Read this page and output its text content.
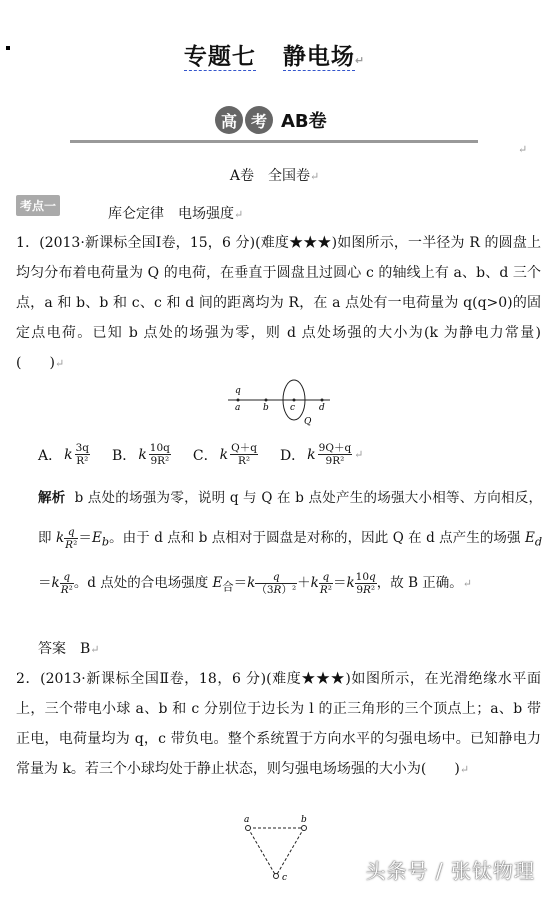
专题七 静电场↵
高 考 AB卷
↵
A卷　全国卷↵
考点一	库仑定律　电场强度↵
1．(2013·新课标全国Ⅰ卷，15，6 分)(难度★★★)如图所示，一半径为 R 的圆盘上均匀分布着电荷量为 Q 的电荷，在垂直于圆盘且过圆心 c 的轴线上有 a、b、d 三个点，a 和 b、b 和 c、c 和 d 间的距离均为 R，在 a 点处有一电荷量为 q(q>0)的固定点电荷。已知 b 点处的场强为零，则 d 点处场强的大小为(k 为静电力常量)(　　)↵
q
a	b c	d
Q
A． k $\frac{3q}{\text{R²}}$ B． k $\frac{10q}{\text{9R²}}$ C． k $\frac{Q+q}{\text{R²}}$ D． k $\frac{9Q+q}{\text{9R²}}$ ↵
解析 b 点处的场强为零，说明 q 与 Q 在 b 点处产生的场强大小相等、方向相反，即 k $\frac{q}{\text{R²}} =E_b$。由于 d 点和 b 点相对于圆盘是对称的，因此 Q 在 d 点产生的场强 $E_d=k \frac{q}{\text{R²}}$ 。d 点处的合电场强度 $E_合=k \frac{q}{\text{（3R）²}} +k \frac{q}{\text{R²}} =k \frac{10q}{\text{9R²}}$ ，故 B 正确。↵
答案　B↵
2．(2013·新课标全国Ⅱ卷，18，6 分)(难度★★★)如图所示，在光滑绝缘水平面上，三个带电小球 a、b 和 c 分别位于边长为 l 的正三角形的三个顶点上；a、b 带正电，电荷量均为 q，c 带负电。整个系统置于方向水平的匀强电场中。已知静电力常量为 k。若三个小球均处于静止状态，则匀强电场场强的大小为(　　)↵
a	b
c	头条号 / 张钛物理
